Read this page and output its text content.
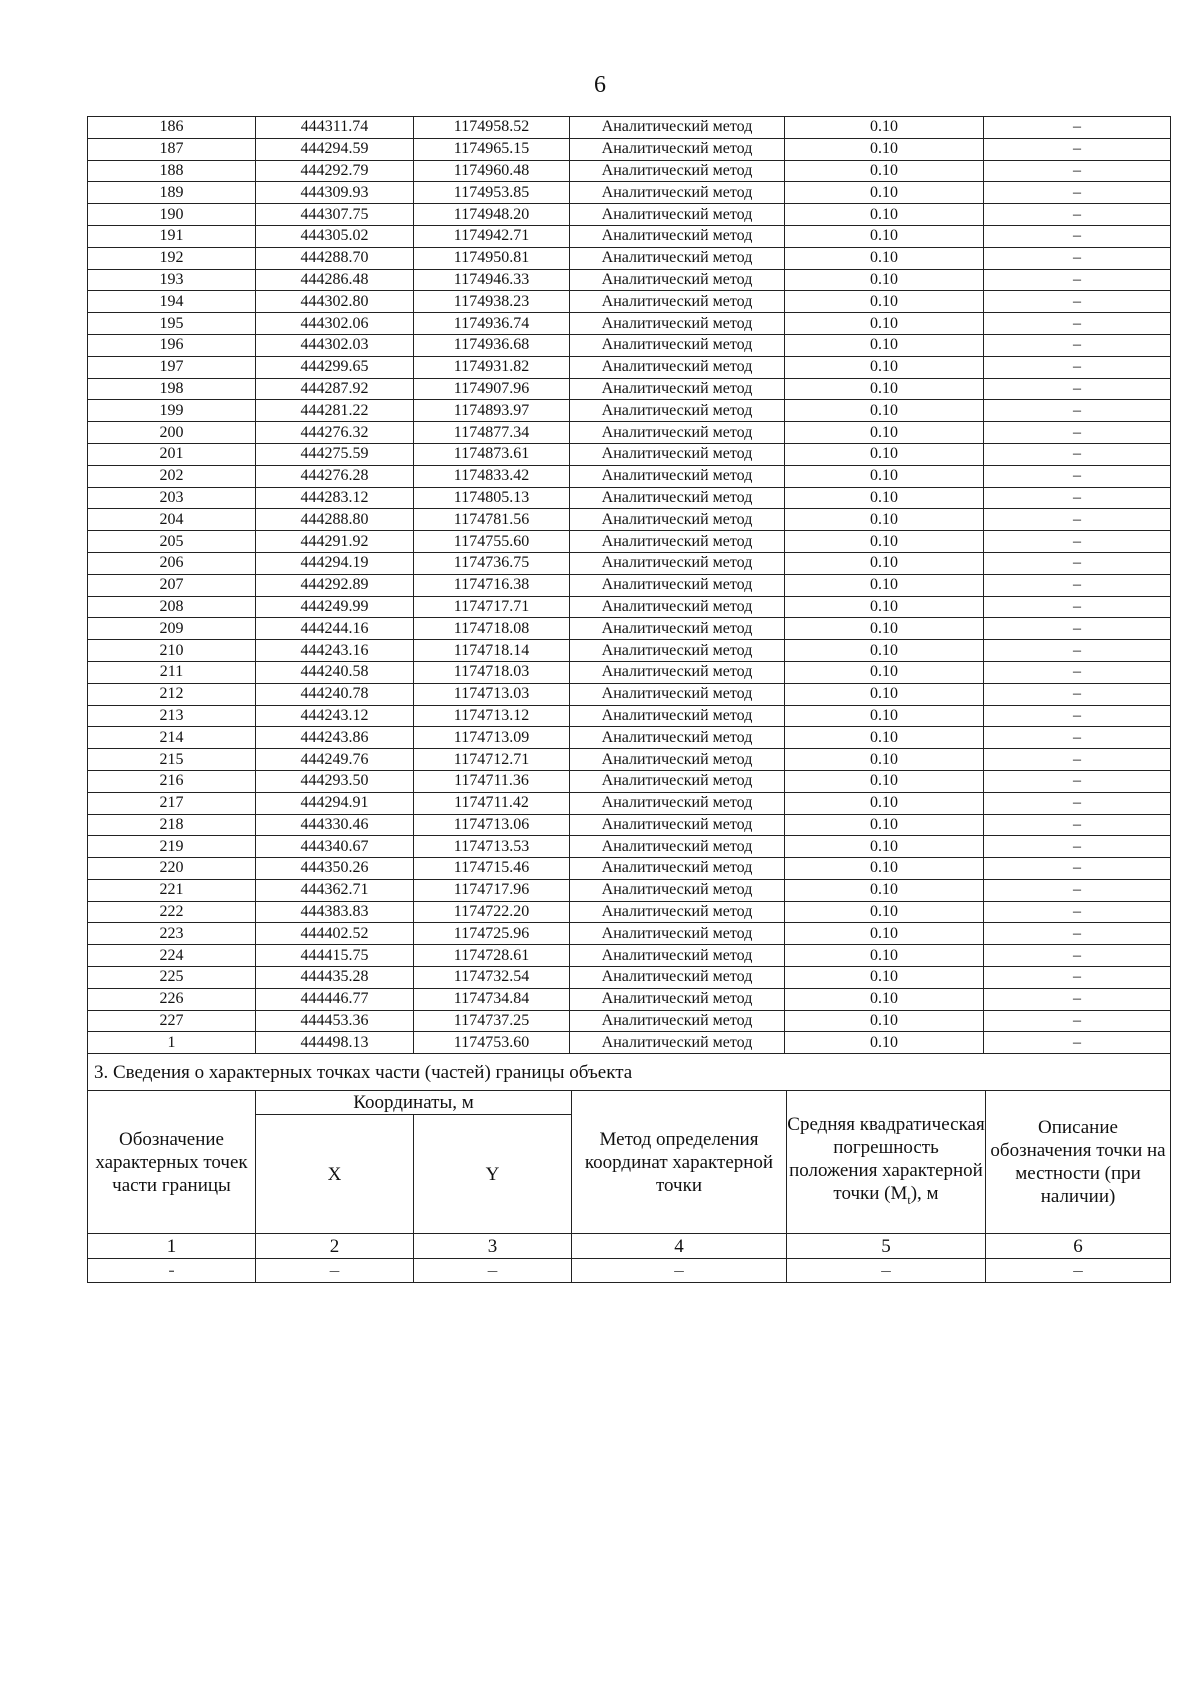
6
186	444311.74	1174958.52	Аналитический метод	0.10	–
187	444294.59	1174965.15	Аналитический метод	0.10	–
188	444292.79	1174960.48	Аналитический метод	0.10	–
189	444309.93	1174953.85	Аналитический метод	0.10	–
190	444307.75	1174948.20	Аналитический метод	0.10	–
191	444305.02	1174942.71	Аналитический метод	0.10	–
192	444288.70	1174950.81	Аналитический метод	0.10	–
193	444286.48	1174946.33	Аналитический метод	0.10	–
194	444302.80	1174938.23	Аналитический метод	0.10	–
195	444302.06	1174936.74	Аналитический метод	0.10	–
196	444302.03	1174936.68	Аналитический метод	0.10	–
197	444299.65	1174931.82	Аналитический метод	0.10	–
198	444287.92	1174907.96	Аналитический метод	0.10	–
199	444281.22	1174893.97	Аналитический метод	0.10	–
200	444276.32	1174877.34	Аналитический метод	0.10	–
201	444275.59	1174873.61	Аналитический метод	0.10	–
202	444276.28	1174833.42	Аналитический метод	0.10	–
203	444283.12	1174805.13	Аналитический метод	0.10	–
204	444288.80	1174781.56	Аналитический метод	0.10	–
205	444291.92	1174755.60	Аналитический метод	0.10	–
206	444294.19	1174736.75	Аналитический метод	0.10	–
207	444292.89	1174716.38	Аналитический метод	0.10	–
208	444249.99	1174717.71	Аналитический метод	0.10	–
209	444244.16	1174718.08	Аналитический метод	0.10	–
210	444243.16	1174718.14	Аналитический метод	0.10	–
211	444240.58	1174718.03	Аналитический метод	0.10	–
212	444240.78	1174713.03	Аналитический метод	0.10	–
213	444243.12	1174713.12	Аналитический метод	0.10	–
214	444243.86	1174713.09	Аналитический метод	0.10	–
215	444249.76	1174712.71	Аналитический метод	0.10	–
216	444293.50	1174711.36	Аналитический метод	0.10	–
217	444294.91	1174711.42	Аналитический метод	0.10	–
218	444330.46	1174713.06	Аналитический метод	0.10	–
219	444340.67	1174713.53	Аналитический метод	0.10	–
220	444350.26	1174715.46	Аналитический метод	0.10	–
221	444362.71	1174717.96	Аналитический метод	0.10	–
222	444383.83	1174722.20	Аналитический метод	0.10	–
223	444402.52	1174725.96	Аналитический метод	0.10	–
224	444415.75	1174728.61	Аналитический метод	0.10	–
225	444435.28	1174732.54	Аналитический метод	0.10	–
226	444446.77	1174734.84	Аналитический метод	0.10	–
227	444453.36	1174737.25	Аналитический метод	0.10	–
1	444498.13	1174753.60	Аналитический метод	0.10	–
3. Сведения о характерных точках части (частей) границы объекта					
Обозначение характерных точек части границы	Координаты, м		Метод определения координат характерной точки	Средняя квадратическая погрешность положения характерной точки $(M_t)$, м	Описание обозначения точки на местности (при наличии)
	X	Y			
1	2	3	4	5	6
-	–	–	–	–	–
